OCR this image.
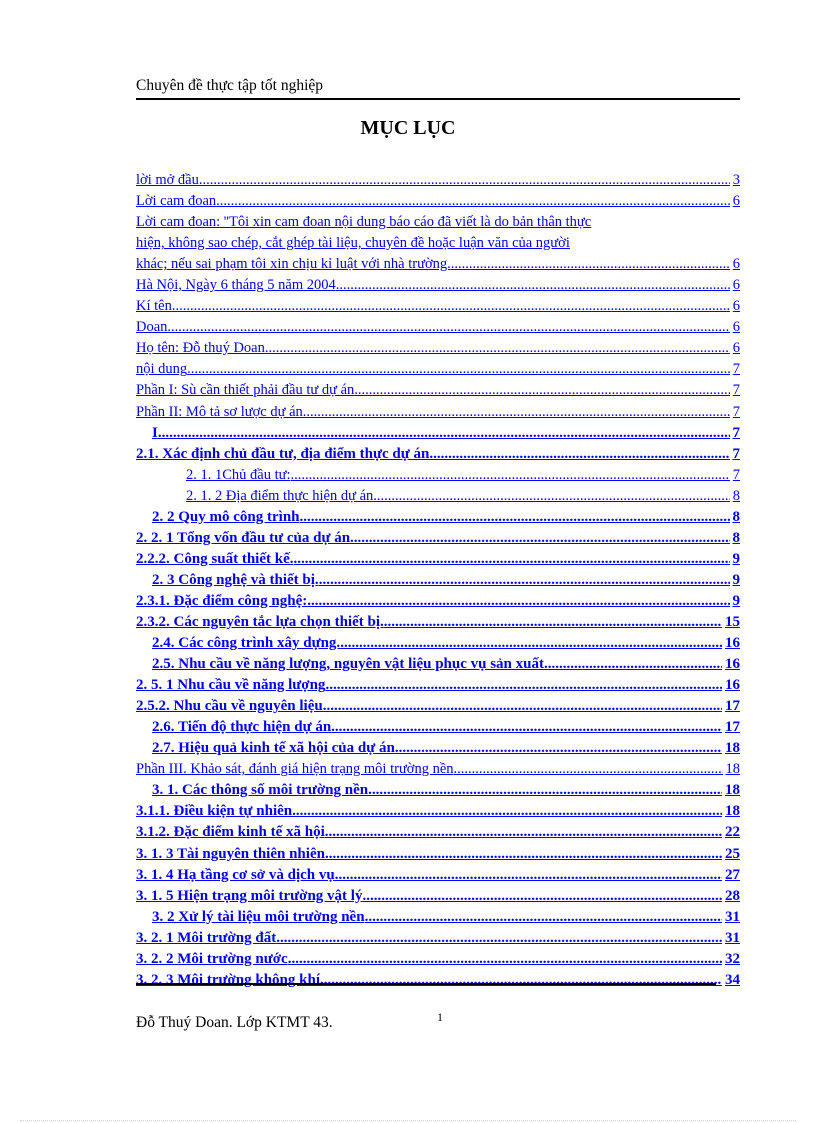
Chuyên đề thực tập tốt nghiệp
MỤC LỤC
lời mở đầu .....	3
Lời cam đoan .....	6
Lời cam đoan: ''Tôi xin cam đoan nội dung báo cáo đã viết là do bản thân thực
hiện, không sao chép, cắt ghép tài liệu, chuyên đề hoặc luận văn của người
khác; nếu sai phạm tôi xin chịu kỉ luật với nhà trường. .....	6
Hà Nội, Ngày 6 tháng 5 năm 2004 .....	6
Kí tên .....	6
Doan .....	6
Họ tên: Đỗ thuý Doan .....	6
nội dung .....	7
Phần I: Sù cần thiết phải đầu tư dự án .....	7
Phần II: Mô tả sơ lược dự án. .....	7
I .....	7
2.1. Xác định chủ đầu tư, địa điểm thực dự án. .....	7
2. 1. 1Chủ đầu tư: .....	7
2. 1. 2 Địa điểm thực hiện dự án .....	8
2. 2 Quy mô công trình .....	8
2. 2. 1 Tổng vốn đầu tư của dự án .....	8
2.2.2. Công suất thiết kế. .....	9
2. 3 Công nghệ và thiết bị. .....	9
2.3.1. Đặc điểm công nghệ: .....	9
2.3.2. Các nguyên tắc lựa chọn thiết bị. .....	15
2.4. Các công trình xây dựng. .....	16
2.5. Nhu cầu về năng lượng, nguyên vật liệu phục vụ sản xuất .....	16
2. 5. 1 Nhu cầu về năng lượng .....	16
2.5.2. Nhu cầu về nguyên liệu. .....	17
2.6. Tiến độ thực hiện dự án .....	17
2.7. Hiệu quả kinh tế xã hội của dự án .....	18
Phần III. Khảo sát, đánh giá hiện trạng môi trường nền .....	18
3. 1. Các thông số môi trường nền .....	18
3.1.1. Điều kiện tự nhiên .....	18
3.1.2. Đặc điểm kinh tế xã hội .....	22
3. 1. 3 Tài nguyên thiên nhiên .....	25
3. 1. 4 Hạ tầng cơ sở và dịch vụ. .....	27
3. 1. 5 Hiện trạng môi trường vật lý .....	28
3. 2 Xử lý tài liệu môi trường nền .....	31
3. 2. 1 Môi trường đất .....	31
3. 2. 2 Môi trường nước .....	32
3. 2. 3 Môi trường không khí. .....	34
Đỗ Thuý Doan. Lớp KTMT 43.	1
